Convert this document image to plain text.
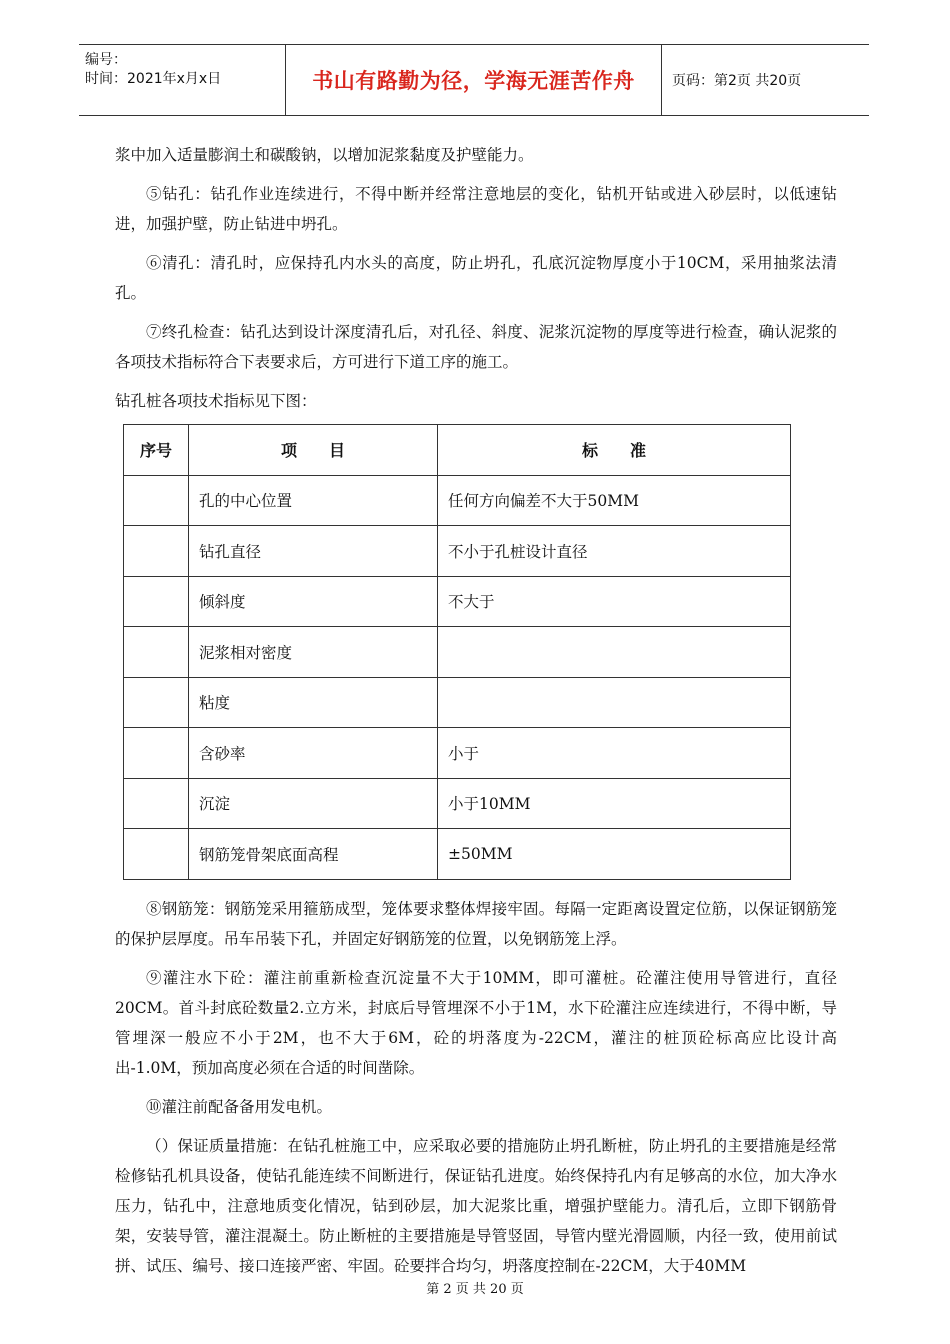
编号：
时间：2021年x月x日	书山有路勤为径，学海无涯苦作舟	页码：第2页 共20页

浆中加入适量膨润土和碳酸钠，以增加泥浆黏度及护壁能力。

⑤钻孔：钻孔作业连续进行，不得中断并经常注意地层的变化，钻机开钻或进入砂层时，以低速钻进，加强护壁，防止钻进中坍孔。

⑥清孔：清孔时，应保持孔内水头的高度，防止坍孔，孔底沉淀物厚度小于10CM，采用抽浆法清孔。

⑦终孔检查：钻孔达到设计深度清孔后，对孔径、斜度、泥浆沉淀物的厚度等进行检查，确认泥浆的各项技术指标符合下表要求后，方可进行下道工序的施工。

钻孔桩各项技术指标见下图：

序号	项　　目	标　　准
	孔的中心位置	任何方向偏差不大于50MM
	钻孔直径	不小于孔桩设计直径
	倾斜度	不大于
	泥浆相对密度	
	粘度	
	含砂率	小于
	沉淀	小于10MM
	钢筋笼骨架底面高程	±50MM

⑧钢筋笼：钢筋笼采用箍筋成型，笼体要求整体焊接牢固。每隔一定距离设置定位筋，以保证钢筋笼的保护层厚度。吊车吊装下孔，并固定好钢筋笼的位置，以免钢筋笼上浮。

⑨灌注水下砼：灌注前重新检查沉淀量不大于10MM，即可灌桩。砼灌注使用导管进行，直径20CM。首斗封底砼数量2.立方米，封底后导管埋深不小于1M，水下砼灌注应连续进行，不得中断，导管埋深一般应不小于2M，也不大于6M，砼的坍落度为-22CM，灌注的桩顶砼标高应比设计高出-1.0M，预加高度必须在合适的时间凿除。

⑩灌注前配备备用发电机。

（）保证质量措施：在钻孔桩施工中，应采取必要的措施防止坍孔断桩，防止坍孔的主要措施是经常检修钻孔机具设备，使钻孔能连续不间断进行，保证钻孔进度。始终保持孔内有足够高的水位，加大净水压力，钻孔中，注意地质变化情况，钻到砂层，加大泥浆比重，增强护壁能力。清孔后，立即下钢筋骨架，安装导管，灌注混凝土。防止断桩的主要措施是导管竖固，导管内壁光滑圆顺，内径一致，使用前试拼、试压、编号、接口连接严密、牢固。砼要拌合均匀，坍落度控制在-22CM，大于40MM

第 2 页 共 20 页
